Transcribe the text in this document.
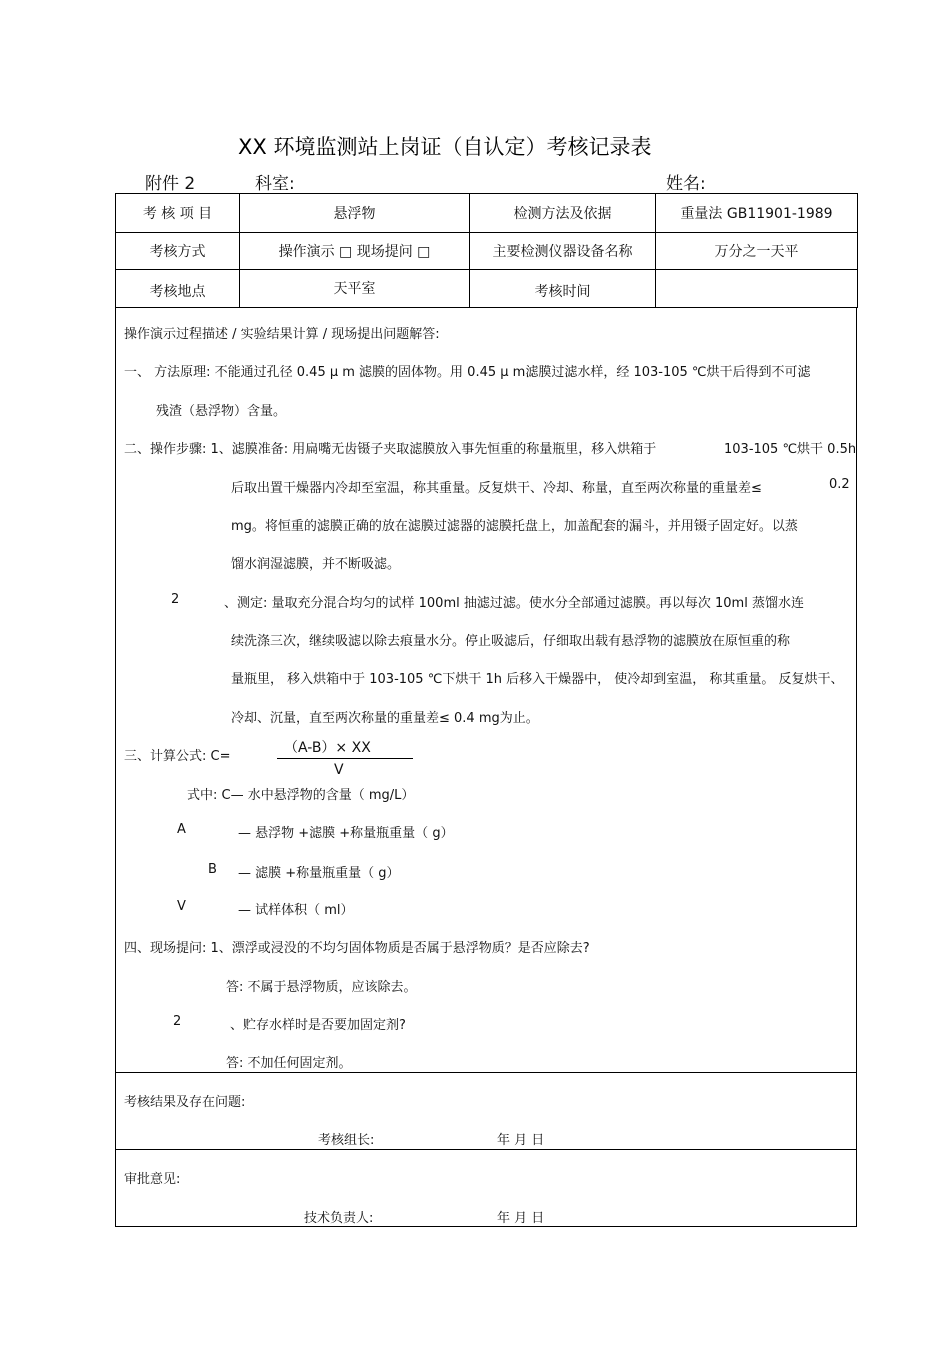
XX 环境监测站上岗证（自认定）考核记录表
附件 2	科室:	姓名:
考 核 项 目	悬浮物	检测方法及依据	重量法 GB11901-1989
考核方式	操作演示 □ 现场提问 □	主要检测仪器设备名称	万分之一天平
考核地点	天平室	考核时间	
操作演示过程描述 / 实验结果计算 / 现场提出问题解答:
一、 方法原理: 不能通过孔径 0.45 μ m 滤膜的固体物。用 0.45 μ m滤膜过滤水样，经 103-105 ℃烘干后得到不可滤
残渣（悬浮物）含量。
二、操作步骤: 1、滤膜准备: 用扁嘴无齿镊子夹取滤膜放入事先恒重的称量瓶里，移入烘箱于	103-105 ℃烘干 0.5h
后取出置干燥器内冷却至室温，称其重量。反复烘干、冷却、称量，直至两次称量的重量差≤	0.2
mg。将恒重的滤膜正确的放在滤膜过滤器的滤膜托盘上，加盖配套的漏斗，并用镊子固定好。以蒸
馏水润湿滤膜，并不断吸滤。
2	、测定: 量取充分混合均匀的试样 100ml 抽滤过滤。使水分全部通过滤膜。再以每次 10ml 蒸馏水连
续洗涤三次，继续吸滤以除去痕量水分。停止吸滤后，仔细取出载有悬浮物的滤膜放在原恒重的称
量瓶里， 移入烘箱中于 103-105 ℃下烘干 1h 后移入干燥器中， 使冷却到室温， 称其重量。 反复烘干、
冷却、沉量，直至两次称量的重量差≤ 0.4 mg为止。
三、计算公式: C=
（A-B）× XX
V
式中: C— 水中悬浮物的含量（ mg/L）
A	— 悬浮物 +滤膜 +称量瓶重量（ g）
B — 滤膜 +称量瓶重量（ g）
V	— 试样体积（ ml）
四、现场提问: 1、漂浮或浸没的不均匀固体物质是否属于悬浮物质？是否应除去?
答: 不属于悬浮物质，应该除去。
2	、贮存水样时是否要加固定剂?
答: 不加任何固定剂。
考核结果及存在问题:
考核组长:	年 月 日
审批意见:
技术负责人:	年 月 日
